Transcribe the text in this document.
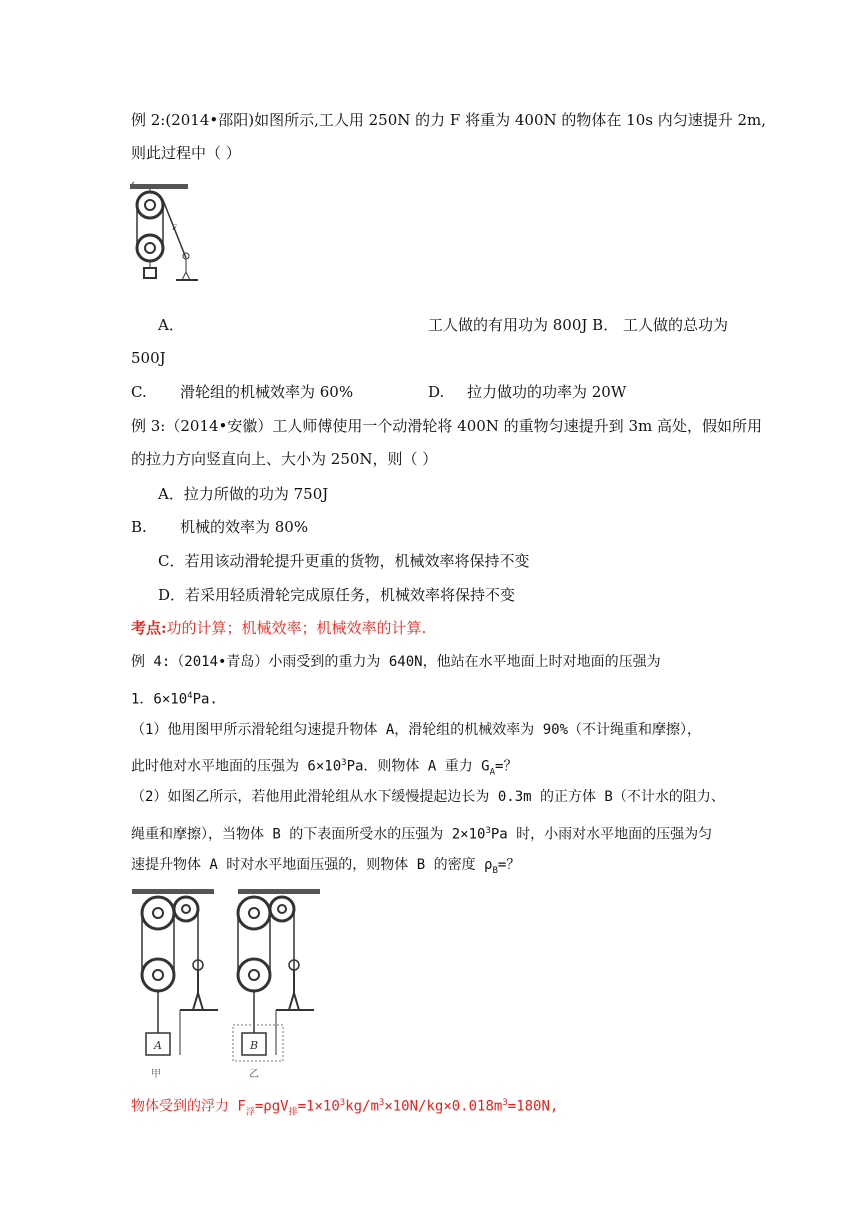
例 2:(2014•邵阳)如图所示,工人用 250N 的力 F 将重为 400N 的物体在 10s 内匀速提升 2m,
则此过程中（ ）
F
A．	工人做的有用功为 800J B． 工人做的总功为
500J
C. 滑轮组的机械效率为 60%	D. 拉力做功的功率为 20W
例 3:（2014•安徽）工人师傅使用一个动滑轮将 400N 的重物匀速提升到 3m 高处，假如所用
的拉力方向竖直向上、大小为 250N，则（ ）
A．拉力所做的功为 750J
B. 机械的效率为 80%
C．若用该动滑轮提升更重的货物，机械效率将保持不变
D．若采用轻质滑轮完成原任务，机械效率将保持不变
考点:功的计算；机械效率；机械效率的计算.
例 4:（2014•青岛）小雨受到的重力为 640N，他站在水平地面上时对地面的压强为
1．$6\times 10^4Pa$.
（1）他用图甲所示滑轮组匀速提升物体 A，滑轮组的机械效率为 90%（不计绳重和摩擦），
此时他对水平地面的压强为 $6\times 10^3Pa$．则物体 A 重力 $G_A=$？
（2）如图乙所示，若他用此滑轮组从水下缓慢提起边长为 0.3m 的正方体 B（不计水的阻力、
绳重和摩擦），当物体 B 的下表面所受水的压强为 $2\times 10^3Pa$ 时，小雨对水平地面的压强为匀
速提升物体 A 时对水平地面压强的，则物体 B 的密度 $\rho_B=$？
A
甲
B
乙
物体受到的浮力 $F_浮=\rho gV_排=1\times 10^3kg/m^3\times 10N/kg\times 0.018m^3=180N$,
